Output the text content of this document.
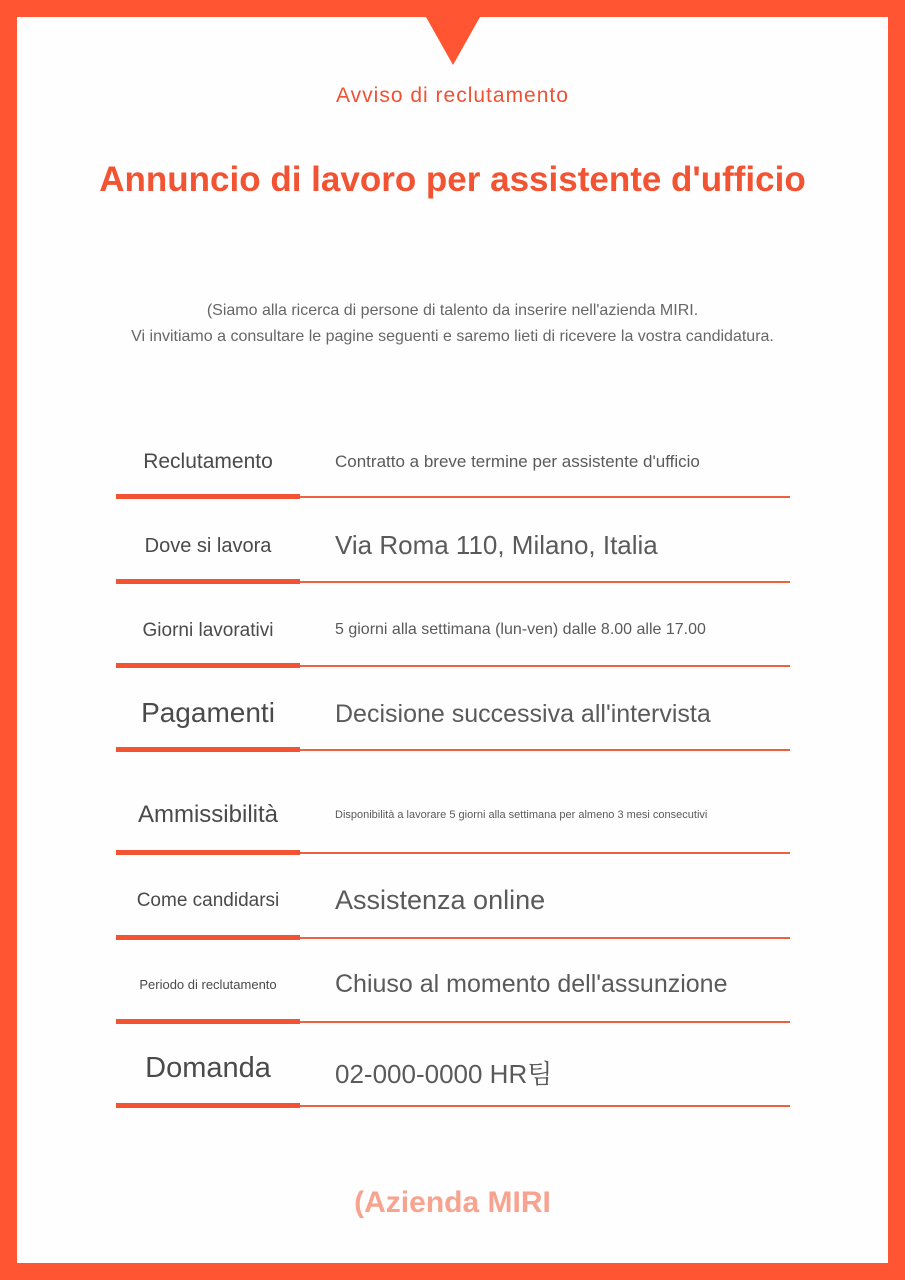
Avviso di reclutamento
Annuncio di lavoro per assistente d'ufficio
(Siamo alla ricerca di persone di talento da inserire nell'azienda MIRI.
Vi invitiamo a consultare le pagine seguenti e saremo lieti di ricevere la vostra candidatura.
Reclutamento	Contratto a breve termine per assistente d'ufficio
Dove si lavora	Via Roma 110, Milano, Italia
Giorni lavorativi	5 giorni alla settimana (lun-ven) dalle 8.00 alle 17.00
Pagamenti	Decisione successiva all'intervista
Ammissibilità	Disponibilità a lavorare 5 giorni alla settimana per almeno 3 mesi consecutivi
Come candidarsi	Assistenza online
Periodo di reclutamento	Chiuso al momento dell'assunzione
Domanda	02-000-0000 HR팀
(Azienda MIRI
